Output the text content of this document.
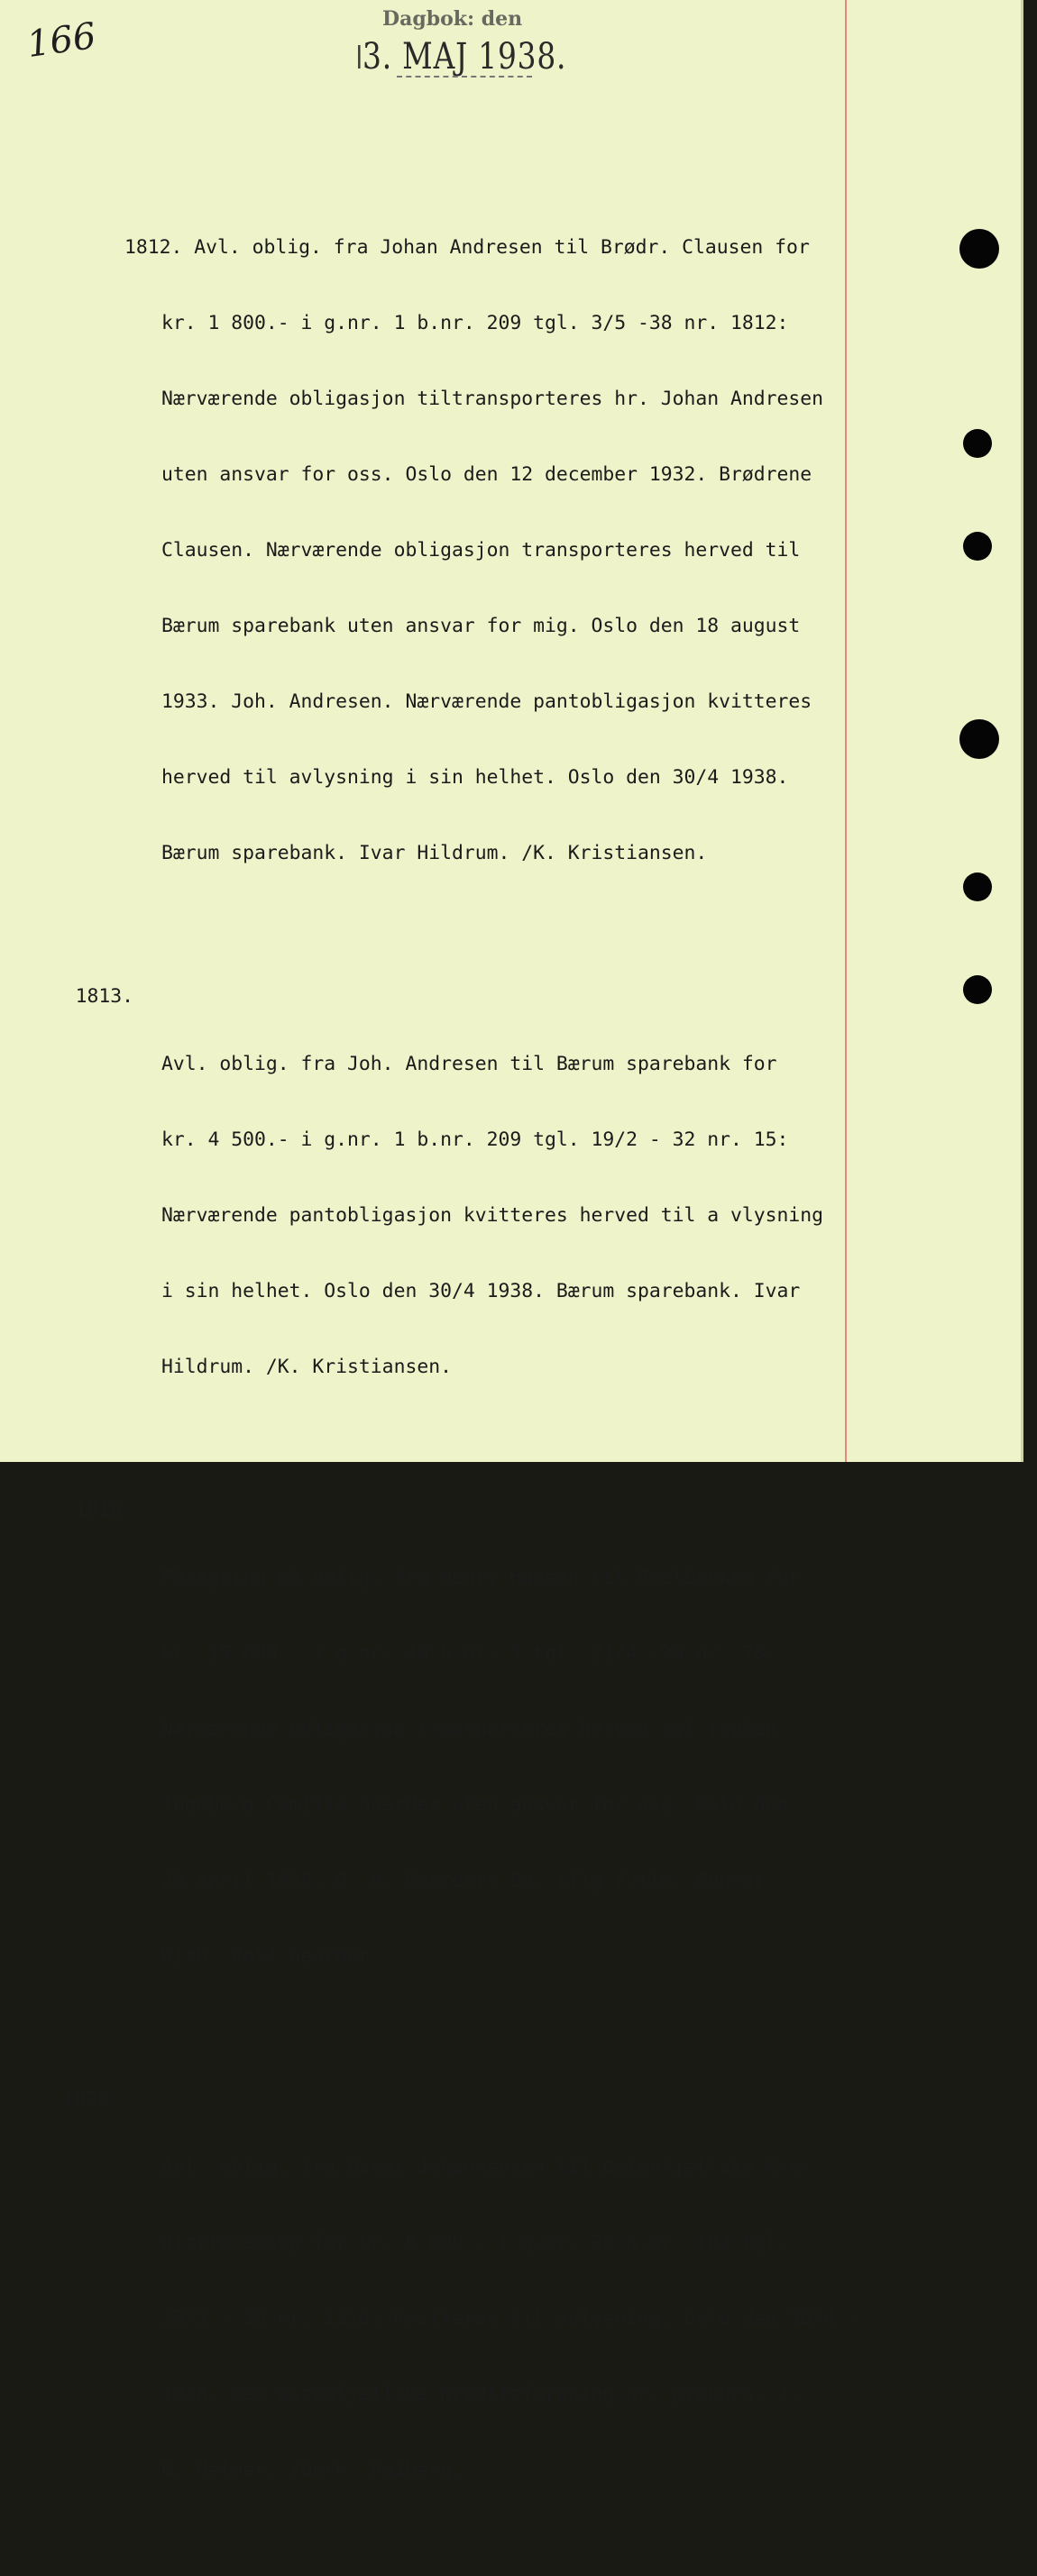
166	Dagbok: den
3. MAJ 1938.

1812. Avl. oblig. fra Johan Andresen til Brødr. Clausen for

kr. 1 800.- i g.nr. 1 b.nr. 209 tgl. 3/5 -38 nr. 1812:

Nærværende obligasjon tiltransporteres hr. Johan Andresen

uten ansvar for oss. Oslo den 12 december 1932. Brødrene

Clausen. Nærværende obligasjon transporteres herved til

Bærum sparebank uten ansvar for mig. Oslo den 18 august

1933. Joh. Andresen. Nærværende pantobligasjon kvitteres

herved til avlysning i sin helhet. Oslo den 30/4 1938.

Bærum sparebank. Ivar Hildrum. /K. Kristiansen.

1813.

Avl. oblig. fra Joh. Andresen til Bærum sparebank for

kr. 4 500.- i g.nr. 1 b.nr. 209 tgl. 19/2 - 32 nr. 15:

Nærværende pantobligasjon kvitteres herved til a vlysning

i sin helhet. Oslo den 30/4 1938. Bærum sparebank. Ivar

Hildrum. /K. Kristiansen.

1818.

Påtegning på oblig. fra Henry Hansen til Realbanken for

kr. 15 000.- i g.nr. 40 b.nr. 3 tgl. 21/4 -99 nr. 78:

Nærværende obligasjon transporteres herved til frøken

Ingeborg Camilla Gaarder uten ansvar for oss. Oslo den

28 april 1938. O. H. Gaarders Bo, iflg fullm. Gunnar

With. Rolf Gaarder.

1820.

Avl. oblig. fra Oscar Johannessen til Østenfjellske Kre-

dittforening for kr. 5 000.- i g.nr. 20 b.nr. 182 tgl.

23/3 - 38 nr. 1318: Kvitteres til avlysning. Oslo den 30/4 -

1938. Den østenfjellske Kredittforening pr. prokura. J.

G. Helmer. /Gerh. Heiberg.
